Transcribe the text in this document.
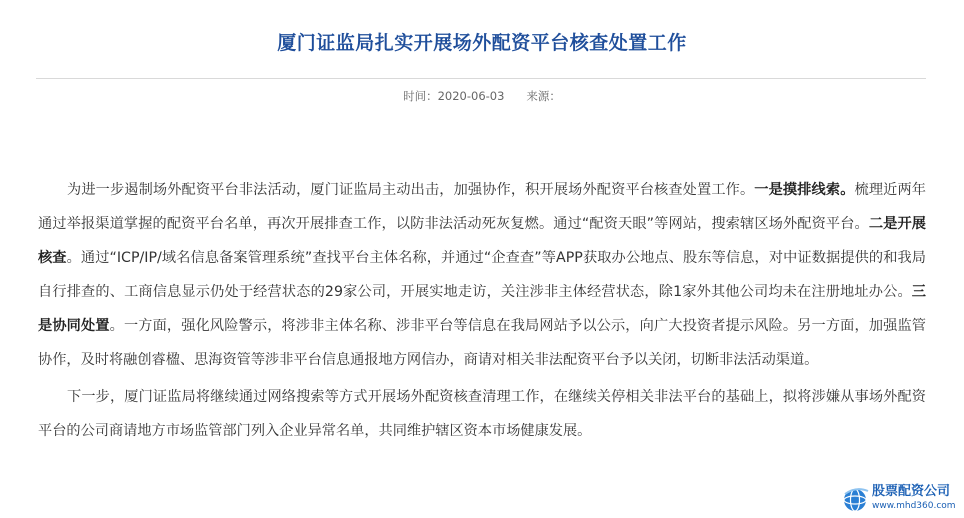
厦门证监局扎实开展场外配资平台核查处置工作
时间：2020-06-03 来源：

为进一步遏制场外配资平台非法活动，厦门证监局主动出击，加强协作，积开展场外配资平台核查处置工作。一是摸排线索。梳理近两年通过举报渠道掌握的配资平台名单，再次开展排查工作，以防非法活动死灰复燃。通过“配资天眼”等网站，搜索辖区场外配资平台。二是开展核查。通过“ICP/IP/域名信息备案管理系统”查找平台主体名称，并通过“企查查”等APP获取办公地点、股东等信息，对中证数据提供的和我局自行排查的、工商信息显示仍处于经营状态的29家公司，开展实地走访，关注涉非主体经营状态，除1家外其他公司均未在注册地址办公。三是协同处置。一方面，强化风险警示，将涉非主体名称、涉非平台等信息在我局网站予以公示，向广大投资者提示风险。另一方面，加强监管协作，及时将融创睿楹、思海资管等涉非平台信息通报地方网信办，商请对相关非法配资平台予以关闭，切断非法活动渠道。

下一步，厦门证监局将继续通过网络搜索等方式开展场外配资核查清理工作，在继续关停相关非法平台的基础上，拟将涉嫌从事场外配资平台的公司商请地方市场监管部门列入企业异常名单，共同维护辖区资本市场健康发展。

股票配资公司
www.mhd360.com
